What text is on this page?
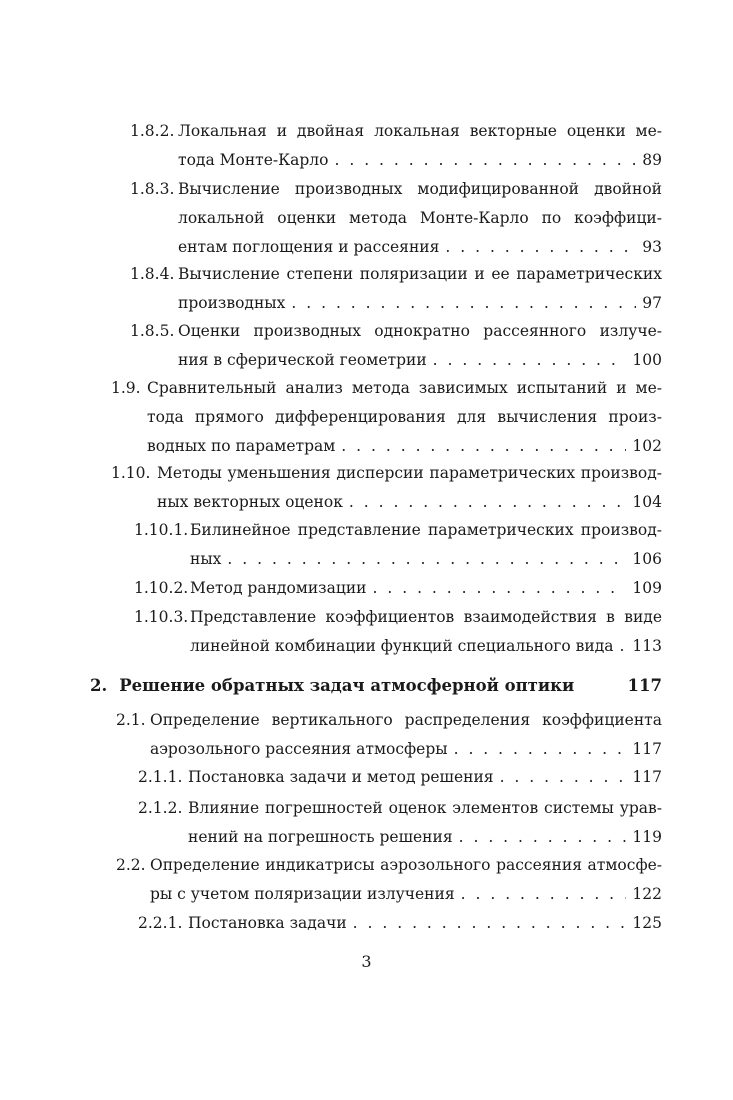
1.8.2. Локальная и двойная локальная векторные оценки ме-
тода Монте-Карло . . .	89
1.8.3. Вычисление производных модифицированной двойной
локальной оценки метода Монте-Карло по коэффици-
ентам поглощения и рассеяния . . .	93
1.8.4. Вычисление степени поляризации и ее параметрических
производных . . .	97
1.8.5. Оценки производных однократно рассеянного излуче-
ния в сферической геометрии . . .	100
1.9. Сравнительный анализ метода зависимых испытаний и ме-
тода прямого дифференцирования для вычисления произ-
водных по параметрам . . .	102
1.10. Методы уменьшения дисперсии параметрических производ-
ных векторных оценок . . .	104
1.10.1. Билинейное представление параметрических производ-
ных . . .	106
1.10.2. Метод рандомизации . . .	109
1.10.3. Представление коэффициентов взаимодействия в виде
линейной комбинации функций специального вида . . . 113
2. Решение обратных задач атмосферной оптики	117
2.1. Определение вертикального распределения коэффициента
аэрозольного рассеяния атмосферы . . .	117
2.1.1. Постановка задачи и метод решения . . .	117
2.1.2. Влияние погрешностей оценок элементов системы урав-
нений на погрешность решения . . .	119
2.2. Определение индикатрисы аэрозольного рассеяния атмосфе-
ры с учетом поляризации излучения . . .	122
2.2.1. Постановка задачи . . .	125
3
